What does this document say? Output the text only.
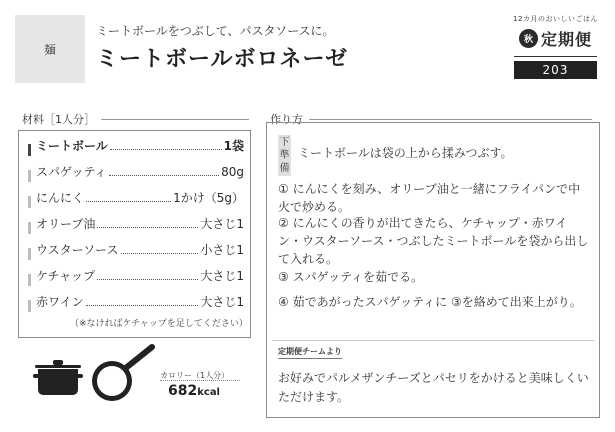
麺
ミートボールをつぶして、パスタソースに。
ミートボールボロネーゼ
12カ月のおいしいごはん
秋 定期便
203
材料［1人分］
ミートボール	1袋
スパゲッティ	80g
にんにく	1かけ（5g）
オリーブ油	大さじ1
ウスターソース	小さじ1
ケチャップ	大さじ1
赤ワイン	大さじ1
（※なければケチャップを足してください）
カロリー（1人分）
682kcal
作り方
下準備
ミートボールは袋の上から揉みつぶす。
① にんにくを刻み、オリーブ油と一緒にフライパンで中火で炒める。
② にんにくの香りが出てきたら、ケチャップ・赤ワイン・ウスターソース・つぶしたミートボールを袋から出して入れる。
③ スパゲッティを茹でる。
④ 茹であがったスパゲッティに ③を絡めて出来上がり。
定期便チームより
お好みでパルメザンチーズとパセリをかけると美味しくいただけます。
